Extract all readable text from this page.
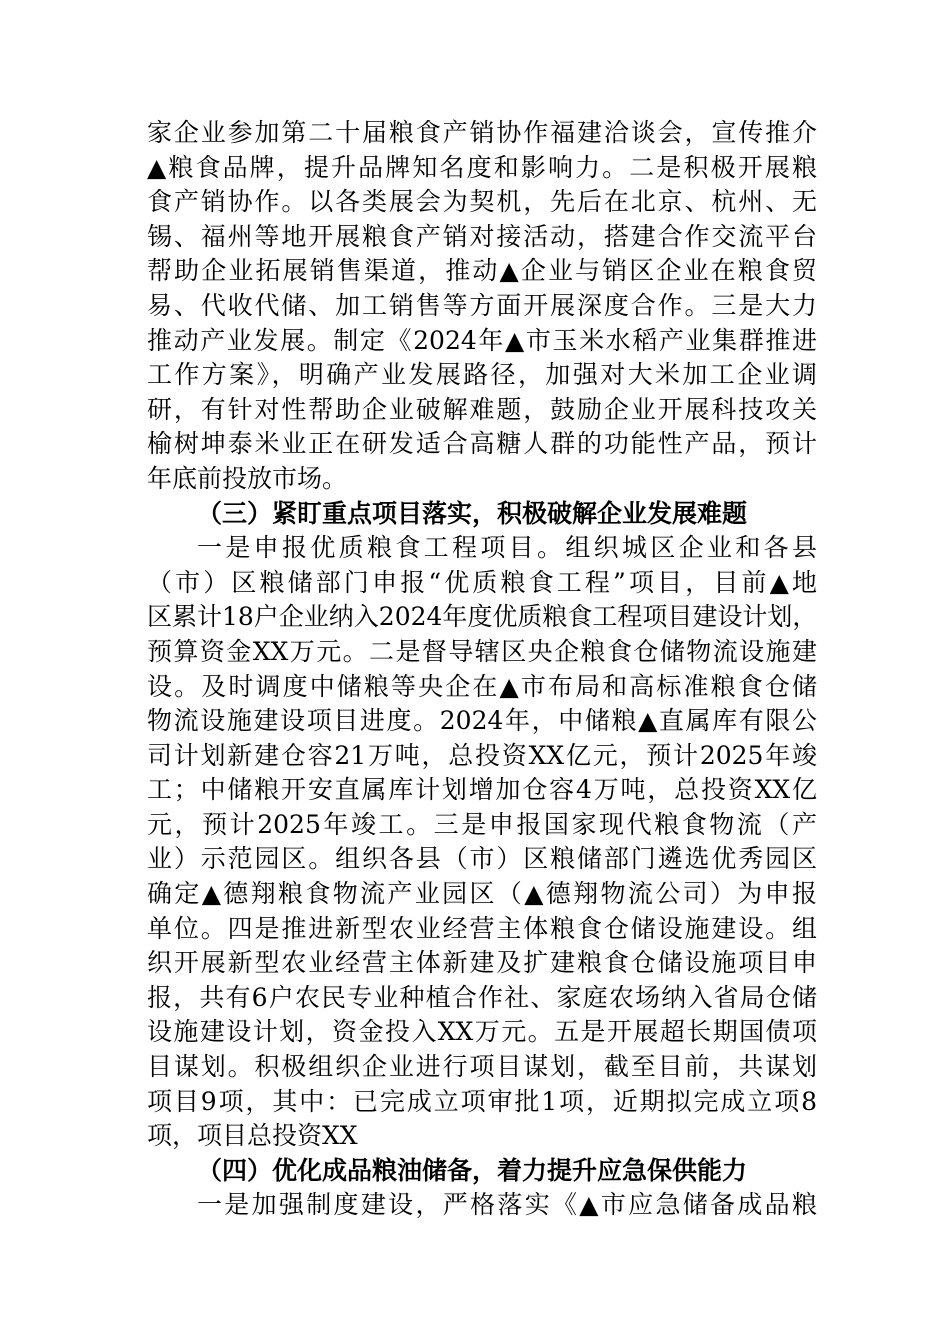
家企业参加第二十届粮食产销协作福建洽谈会，宣传推介
▲粮食品牌，提升品牌知名度和影响力。二是积极开展粮
食产销协作。以各类展会为契机，先后在北京、杭州、无
锡、福州等地开展粮食产销对接活动，搭建合作交流平台
帮助企业拓展销售渠道，推动▲企业与销区企业在粮食贸
易、代收代储、加工销售等方面开展深度合作。三是大力
推动产业发展。制定《2024年▲市玉米水稻产业集群推进
工作方案》，明确产业发展路径，加强对大米加工企业调
研，有针对性帮助企业破解难题，鼓励企业开展科技攻关
榆树坤泰米业正在研发适合高糖人群的功能性产品，预计
年底前投放市场。
（三）紧盯重点项目落实，积极破解企业发展难题
一是申报优质粮食工程项目。组织城区企业和各县
（市）区粮储部门申报“优质粮食工程”项目，目前▲地
区累计18户企业纳入2024年度优质粮食工程项目建设计划，
预算资金XX万元。二是督导辖区央企粮食仓储物流设施建
设。及时调度中储粮等央企在▲市布局和高标准粮食仓储
物流设施建设项目进度。2024年，中储粮▲直属库有限公
司计划新建仓容21万吨，总投资XX亿元，预计2025年竣
工；中储粮开安直属库计划增加仓容4万吨，总投资XX亿
元，预计2025年竣工。三是申报国家现代粮食物流（产
业）示范园区。组织各县（市）区粮储部门遴选优秀园区
确定▲德翔粮食物流产业园区（▲德翔物流公司）为申报
单位。四是推进新型农业经营主体粮食仓储设施建设。组
织开展新型农业经营主体新建及扩建粮食仓储设施项目申
报，共有6户农民专业种植合作社、家庭农场纳入省局仓储
设施建设计划，资金投入XX万元。五是开展超长期国债项
目谋划。积极组织企业进行项目谋划，截至目前，共谋划
项目9项，其中：已完成立项审批1项，近期拟完成立项8
项，项目总投资XX
（四）优化成品粮油储备，着力提升应急保供能力
一是加强制度建设，严格落实《▲市应急储备成品粮
